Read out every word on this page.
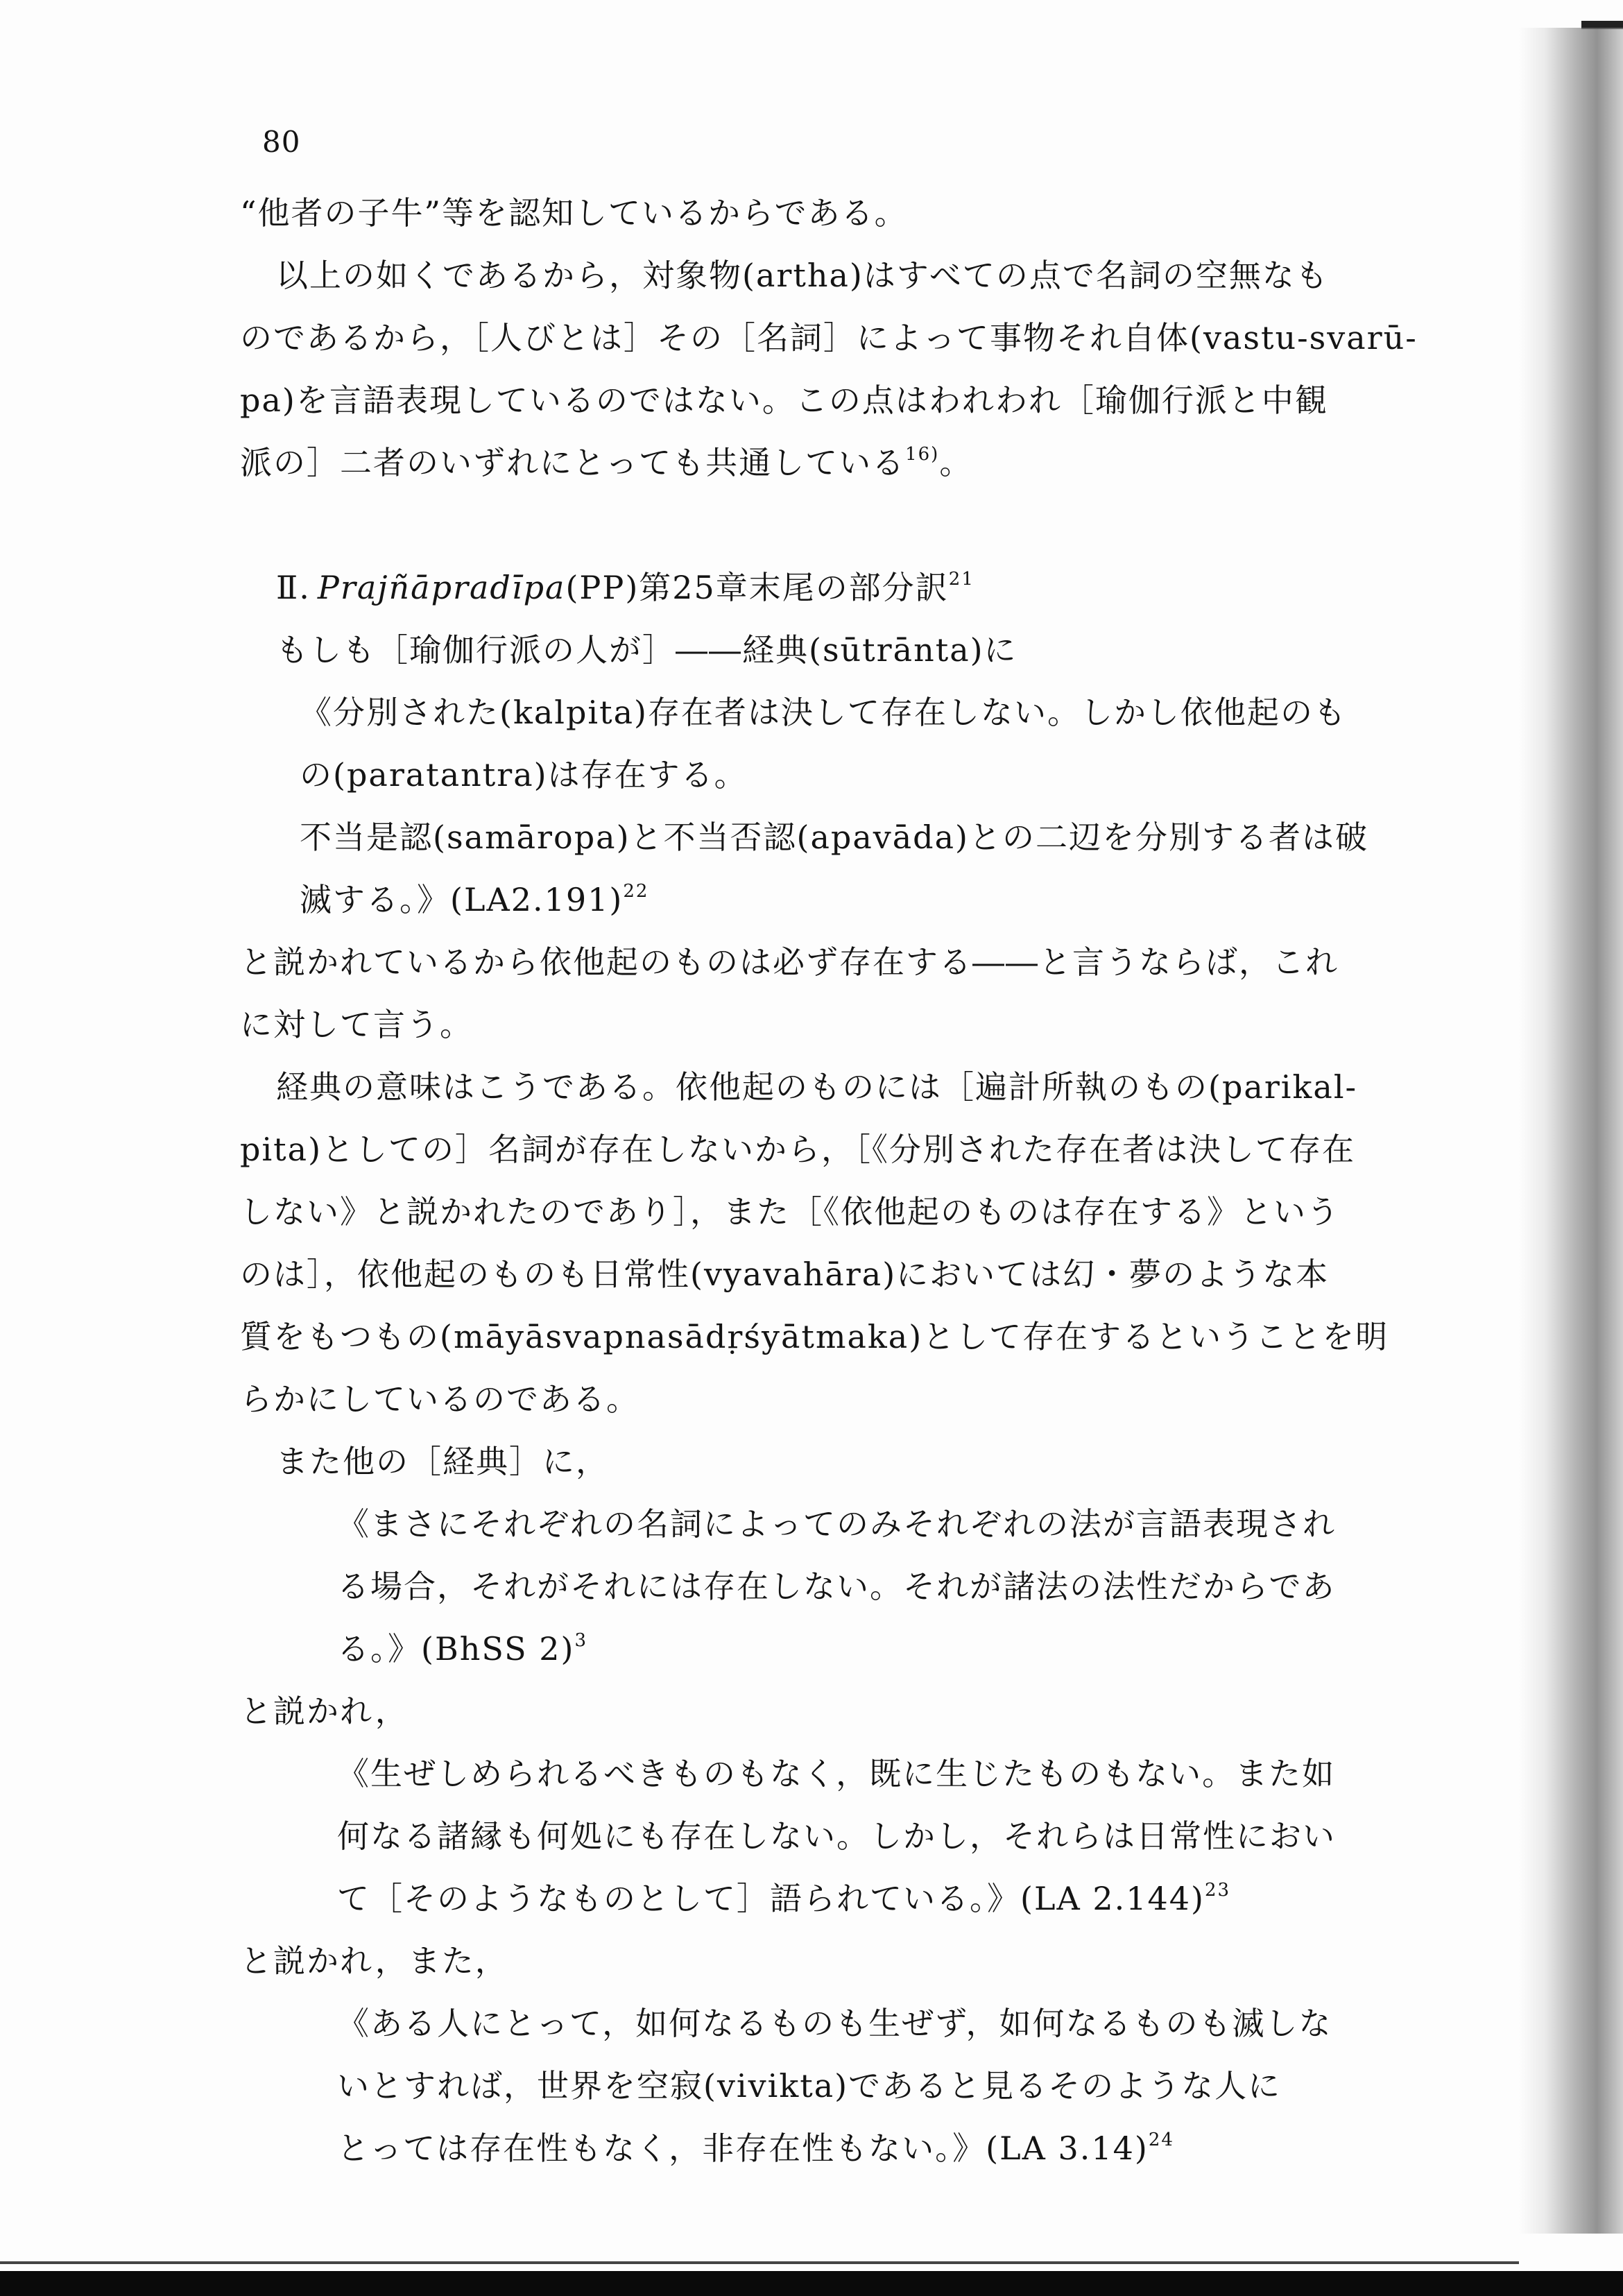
80
“他者の子牛”等を認知しているからである。
以上の如くであるから，対象物(artha)はすべての点で名詞の空無なも
のであるから，［人びとは］その［名詞］によって事物それ自体(vastu-svarū-
pa)を言語表現しているのではない。この点はわれわれ［瑜伽行派と中観
派の］二者のいずれにとっても共通している$^{16)}$。
Ⅱ. Prajñāpradīpa(PP)第25章末尾の部分訳$^{21}$
もしも［瑜伽行派の人が］――経典(sūtrānta)に
《分別された(kalpita)存在者は決して存在しない。しかし依他起のも
の(paratantra)は存在する。
不当是認(samāropa)と不当否認(apavāda)との二辺を分別する者は破
滅する。》$(LA2.191)^{22}$
と説かれているから依他起のものは必ず存在する――と言うならば，これ
に対して言う。
経典の意味はこうである。依他起のものには［遍計所執のもの(parikal-
pita)としての］名詞が存在しないから，［《分別された存在者は決して存在
しない》と説かれたのであり］，また［《依他起のものは存在する》という
のは］，依他起のものも日常性(vyavahāra)においては幻・夢のような本
質をもつもの(māyāsvapnasādṛśyātmaka)として存在するということを明
らかにしているのである。
また他の［経典］に，
《まさにそれぞれの名詞によってのみそれぞれの法が言語表現され
る場合，それがそれには存在しない。それが諸法の法性だからであ
る。》(BhSS 2)$^3$
と説かれ，
《生ぜしめられるべきものもなく，既に生じたものもない。また如
何なる諸縁も何処にも存在しない。しかし，それらは日常性におい
て［そのようなものとして］語られている。》(LA 2.144)$^{23}$
と説かれ，また，
《ある人にとって，如何なるものも生ぜず，如何なるものも滅しな
いとすれば，世界を空寂(vivikta)であると見るそのような人に
とっては存在性もなく，非存在性もない。》(LA 3.14)$^{24}$
